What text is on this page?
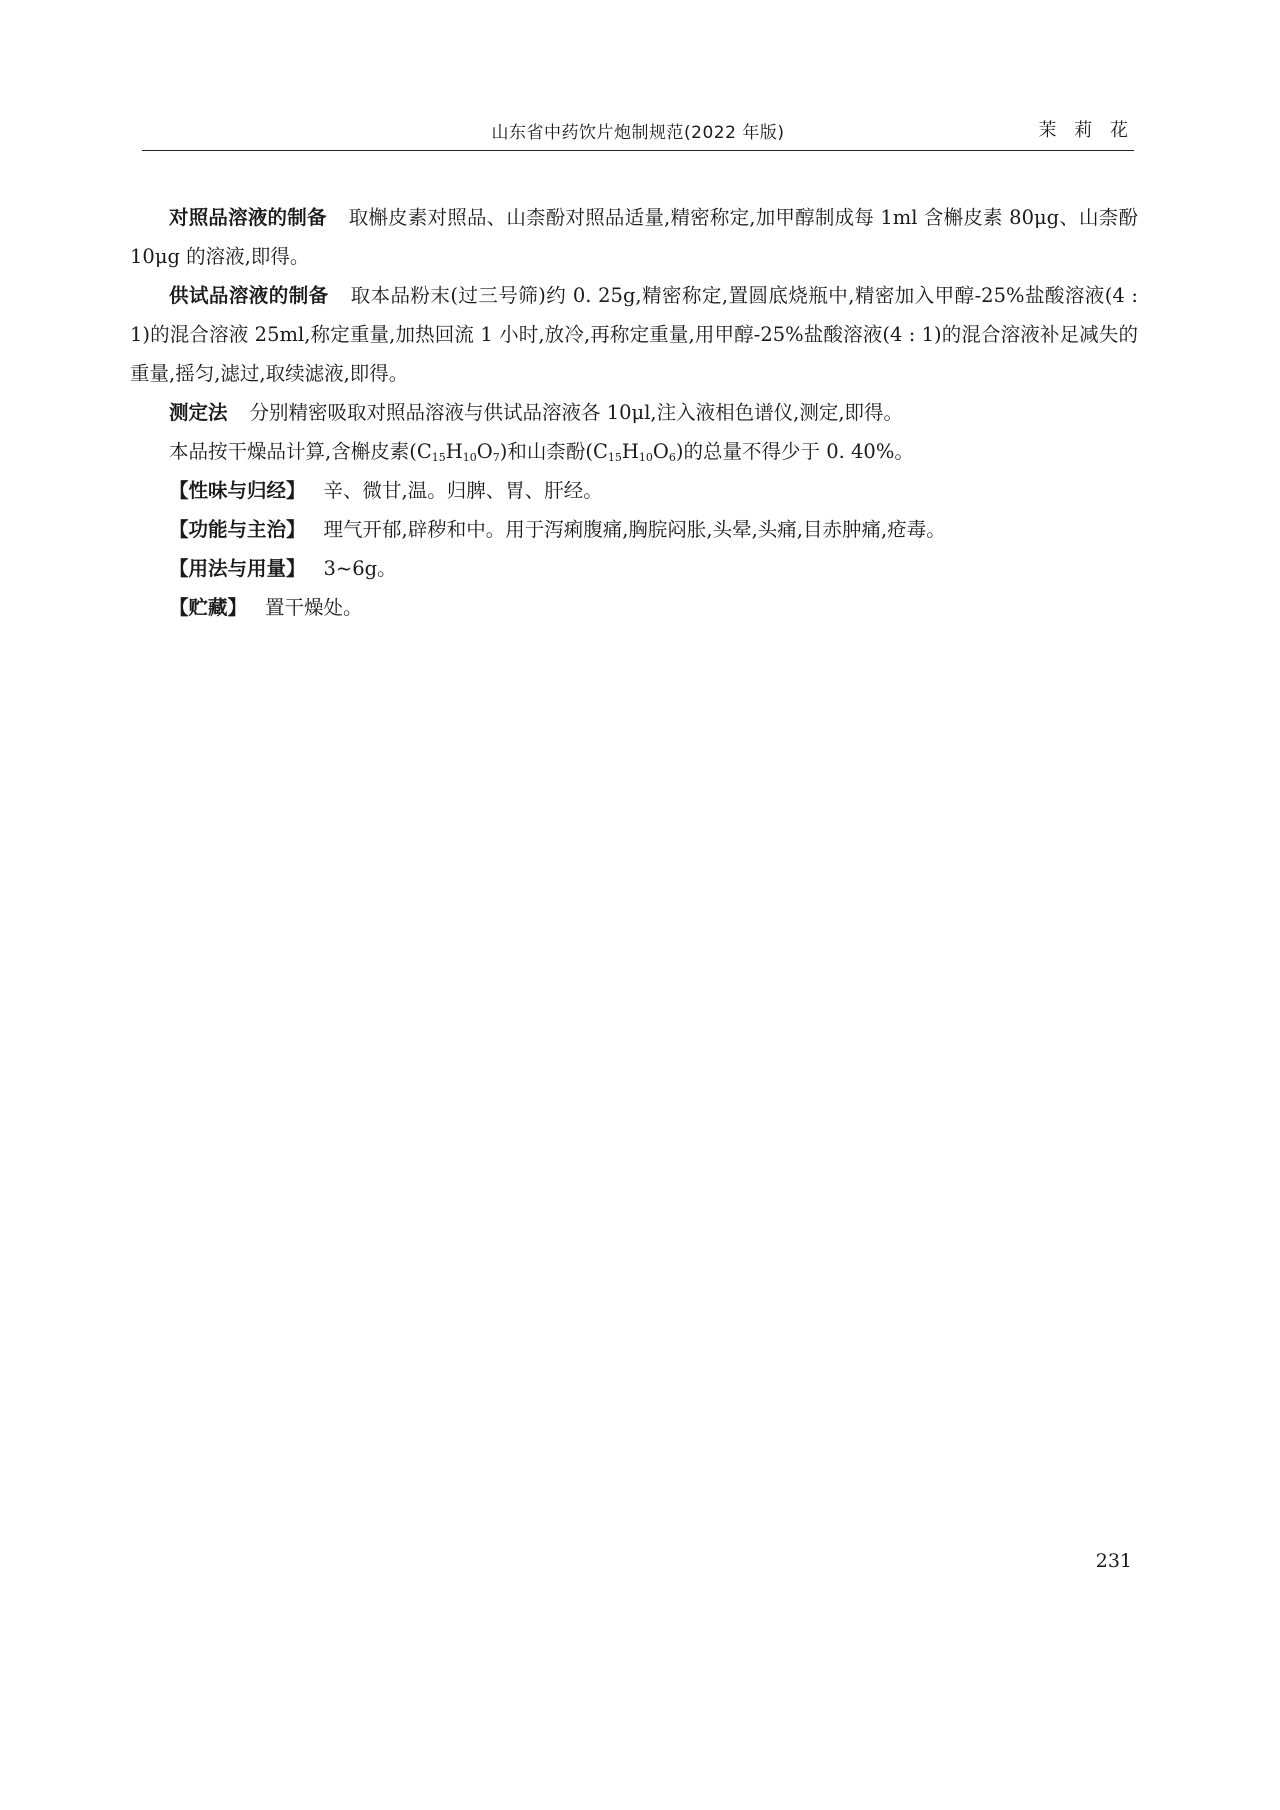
山东省中药饮片炮制规范(2022 年版)	茉 莉 花

对照品溶液的制备 取槲皮素对照品、山柰酚对照品适量,精密称定,加甲醇制成每 1ml 含槲皮素 80μg、山柰酚 10μg 的溶液,即得。

供试品溶液的制备 取本品粉末(过三号筛)约 0. 25g,精密称定,置圆底烧瓶中,精密加入甲醇-25%盐酸溶液(4 : 1)的混合溶液 25ml,称定重量,加热回流 1 小时,放冷,再称定重量,用甲醇-25%盐酸溶液(4 : 1)的混合溶液补足减失的重量,摇匀,滤过,取续滤液,即得。

测定法 分别精密吸取对照品溶液与供试品溶液各 10μl,注入液相色谱仪,测定,即得。

本品按干燥品计算,含槲皮素$(C_{15}H_{10}O_7)$和山柰酚$(C_{15}H_{10}O_6)$的总量不得少于 0. 40%。

【性味与归经】 辛、微甘,温。归脾、胃、肝经。

【功能与主治】 理气开郁,辟秽和中。用于泻痢腹痛,胸脘闷胀,头晕,头痛,目赤肿痛,疮毒。

【用法与用量】 3~6g。

【贮藏】 置干燥处。

231
